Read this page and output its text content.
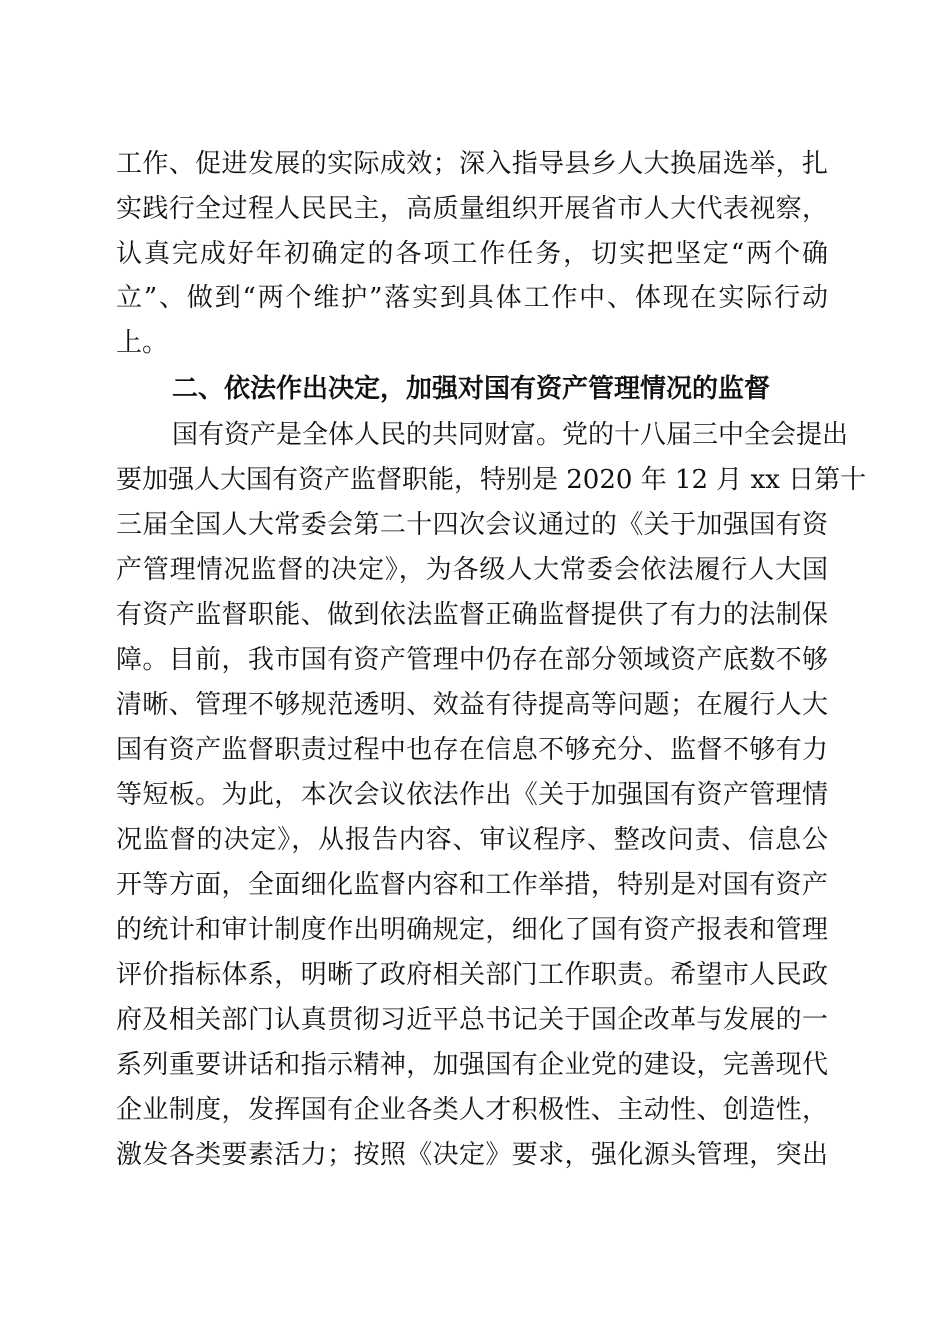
工作、促进发展的实际成效；深入指导县乡人大换届选举，扎
实践行全过程人民民主，高质量组织开展省市人大代表视察，
认真完成好年初确定的各项工作任务，切实把坚定“两个确
立”、做到“两个维护”落实到具体工作中、体现在实际行动
上。
二、依法作出决定，加强对国有资产管理情况的监督
国有资产是全体人民的共同财富。党的十八届三中全会提出
要加强人大国有资产监督职能，特别是 2020 年 12 月 xx 日第十
三届全国人大常委会第二十四次会议通过的《关于加强国有资
产管理情况监督的决定》，为各级人大常委会依法履行人大国
有资产监督职能、做到依法监督正确监督提供了有力的法制保
障。目前，我市国有资产管理中仍存在部分领域资产底数不够
清晰、管理不够规范透明、效益有待提高等问题；在履行人大
国有资产监督职责过程中也存在信息不够充分、监督不够有力
等短板。为此，本次会议依法作出《关于加强国有资产管理情
况监督的决定》，从报告内容、审议程序、整改问责、信息公
开等方面，全面细化监督内容和工作举措，特别是对国有资产
的统计和审计制度作出明确规定，细化了国有资产报表和管理
评价指标体系，明晰了政府相关部门工作职责。希望市人民政
府及相关部门认真贯彻习近平总书记关于国企改革与发展的一
系列重要讲话和指示精神，加强国有企业党的建设，完善现代
企业制度，发挥国有企业各类人才积极性、主动性、创造性，
激发各类要素活力；按照《决定》要求，强化源头管理，突出
